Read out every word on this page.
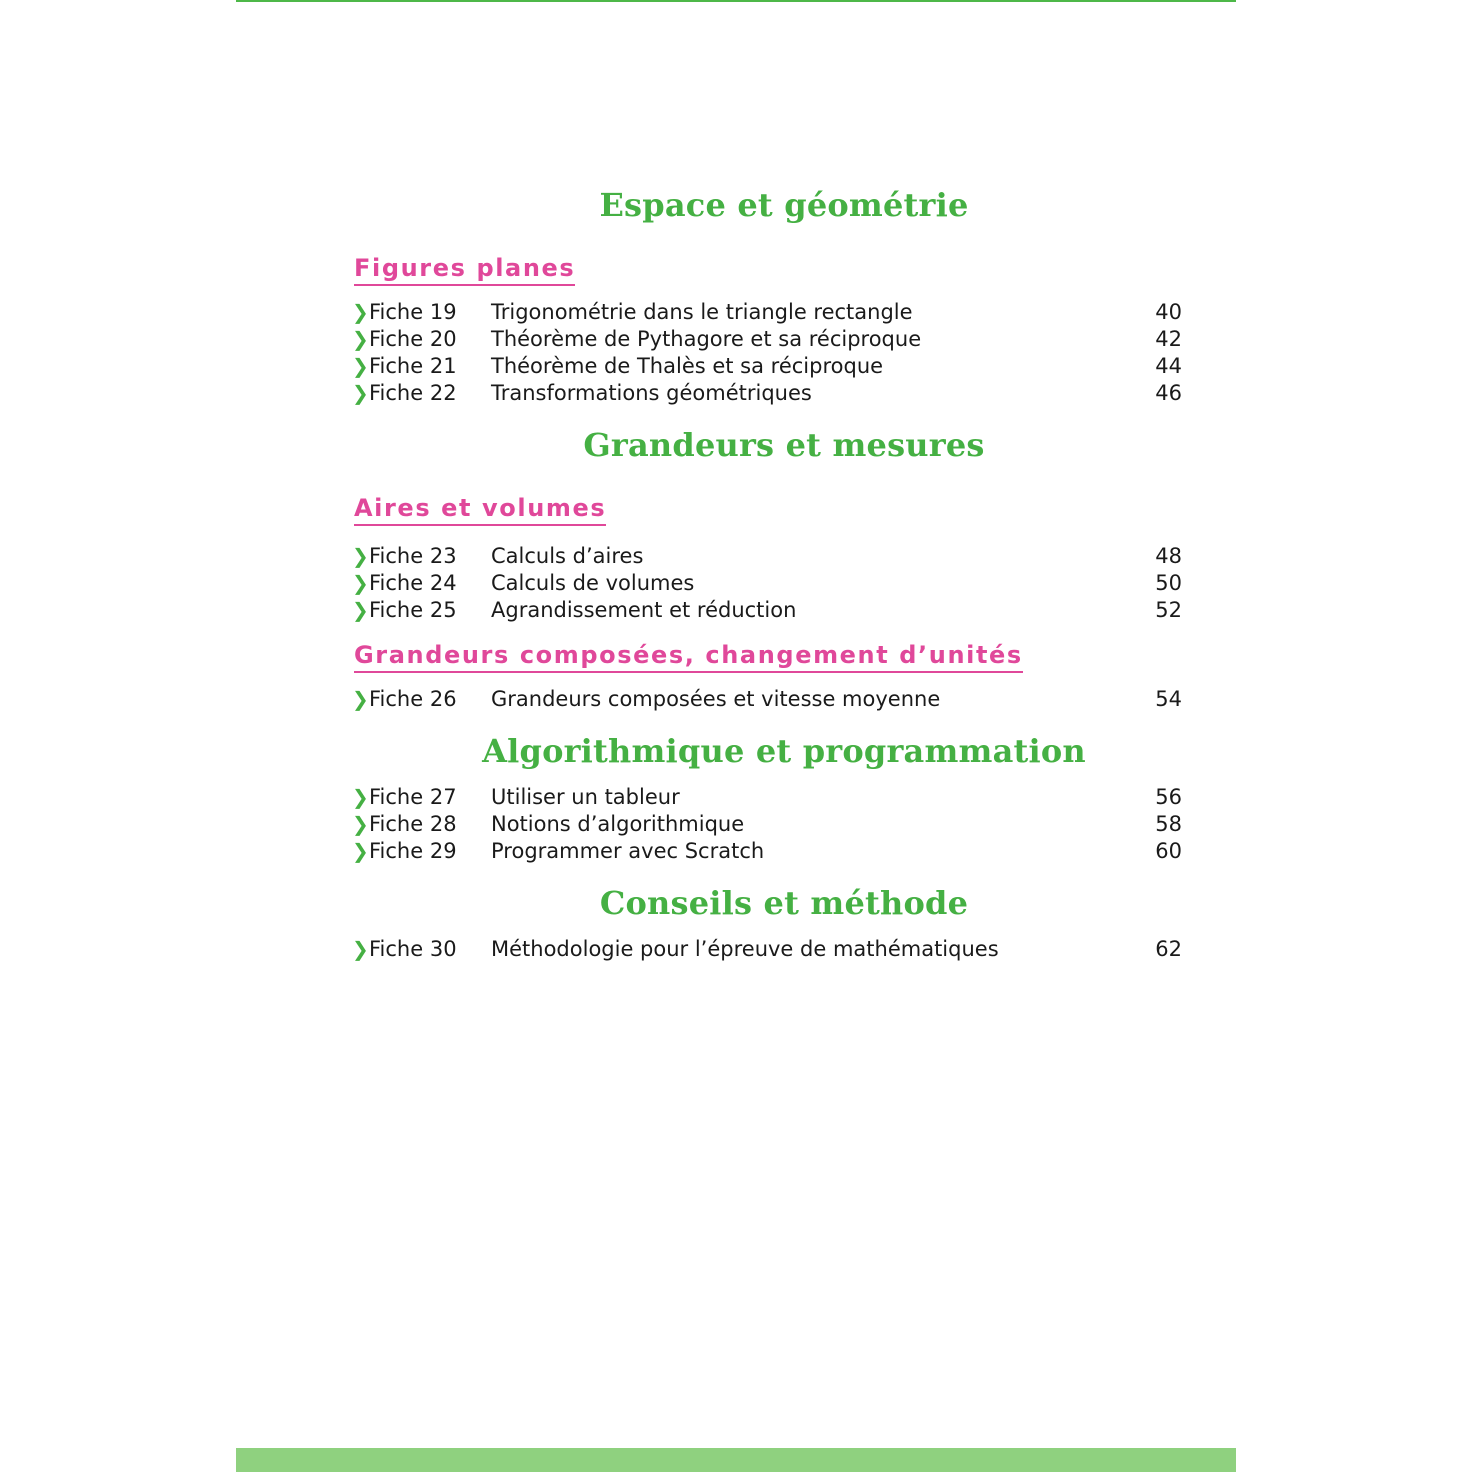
Espace et géométrie
Figures planes
❯ Fiche 19 Trigonométrie dans le triangle rectangle	40
❯ Fiche 20 Théorème de Pythagore et sa réciproque	42
❯ Fiche 21 Théorème de Thalès et sa réciproque	44
❯ Fiche 22 Transformations géométriques	46
Grandeurs et mesures
Aires et volumes
❯ Fiche 23 Calculs d’aires	48
❯ Fiche 24 Calculs de volumes	50
❯ Fiche 25 Agrandissement et réduction	52
Grandeurs composées, changement d’unités
❯ Fiche 26 Grandeurs composées et vitesse moyenne	54
Algorithmique et programmation
❯ Fiche 27 Utiliser un tableur	56
❯ Fiche 28 Notions d’algorithmique	58
❯ Fiche 29 Programmer avec Scratch	60
Conseils et méthode
❯ Fiche 30 Méthodologie pour l’épreuve de mathématiques	62
